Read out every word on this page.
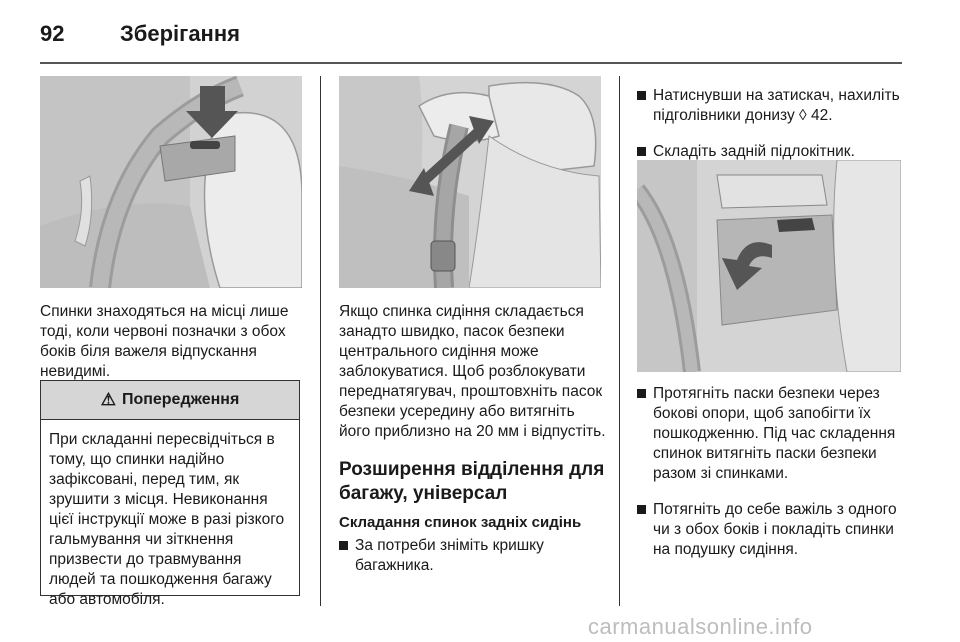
92	Зберігання

Спинки знаходяться на місці лише тоді, коли червоні позначки з обох боків біля важеля відпускання невидимі.

⚠ Попередження
При складанні пересвідчіться в тому, що спинки надійно зафіксовані, перед тим, як зрушити з місця. Невиконання цієї інструкції може в разі різкого гальмування чи зіткнення призвести до травмування людей та пошкодження багажу або автомобіля.

Якщо спинка сидіння складається занадто швидко, пасок безпеки центрального сидіння може заблокуватися. Щоб розблокувати переднатягувач, проштовхніть пасок безпеки усередину або витягніть його приблизно на 20 мм і відпустіть.

Розширення відділення для багажу, універсал
Складання спинок задніх сидінь
За потреби зніміть кришку багажника.
Натиснувши на затискач, нахиліть підголівники донизу ◊ 42.
Складіть задній підлокітник.
Протягніть паски безпеки через бокові опори, щоб запобігти їх пошкодженню. Під час складення спинок витягніть паски безпеки разом зі спинками.
Потягніть до себе важіль з одного чи з обох боків і покладіть спинки на подушку сидіння.
carmanualsonline.info
